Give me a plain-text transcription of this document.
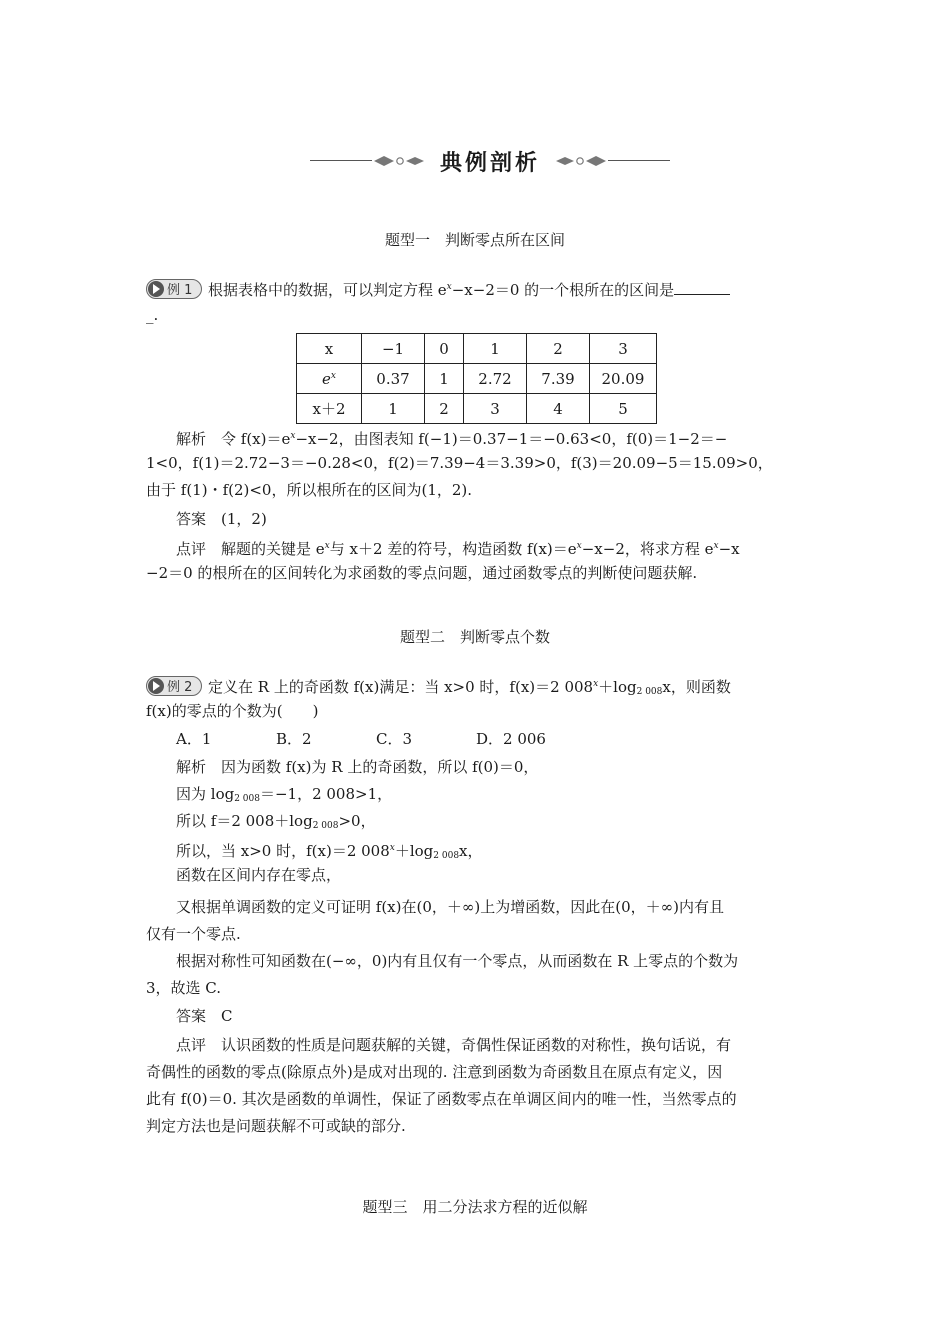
典例剖析
题型一　判断零点所在区间
例 1 根据表格中的数据，可以判定方程 $e^x-x-2=0$ 的一个根所在的区间是
_.
x	−1	0	1	2	3
$e^x$	0.37	1	2.72	7.39	20.09
x＋2	1	2	3	4	5
解析　令 $f(x)=e^x-x-2$，由图表知 f(−1)＝0.37−1＝−0.63<0，f(0)＝1−2＝−
1<0，f(1)＝2.72−3＝−0.28<0，f(2)＝7.39−4＝3.39>0，f(3)＝20.09−5＝15.09>0，
由于 f(1)・f(2)<0，所以根所在的区间为(1，2).
答案　(1，2)
点评　解题的关键是 $e^x$与 x＋2 差的符号，构造函数 $f(x)=e^x-x-2$，将求方程 $e^x-x$
−2＝0 的根所在的区间转化为求函数的零点问题，通过函数零点的判断使问题获解.
题型二　判断零点个数
例 2 定义在 R 上的奇函数 f(x)满足：当 x>0 时，f(x)＝2 $008^x+\log_{2 008}x$，则函数
f(x)的零点的个数为(　　)
A．1	B．2	C．3	D．2 006
解析　因为函数 f(x)为 R 上的奇函数，所以 f(0)＝0，
因为 $\log_{2 008}=-1$，2 008>1，
所以 f＝2 $008+\log_{2 008}>0$，
所以，当 x>0 时，f(x)＝2 $008^x+\log_{2 008}x$，
函数在区间内存在零点，
又根据单调函数的定义可证明 f(x)在(0，＋∞)上为增函数，因此在(0，＋∞)内有且
仅有一个零点.
根据对称性可知函数在(−∞，0)内有且仅有一个零点，从而函数在 R 上零点的个数为
3，故选 C.
答案　C
点评　认识函数的性质是问题获解的关键，奇偶性保证函数的对称性，换句话说，有
奇偶性的函数的零点(除原点外)是成对出现的. 注意到函数为奇函数且在原点有定义，因
此有 f(0)＝0. 其次是函数的单调性，保证了函数零点在单调区间内的唯一性，当然零点的
判定方法也是问题获解不可或缺的部分.
题型三　用二分法求方程的近似解
